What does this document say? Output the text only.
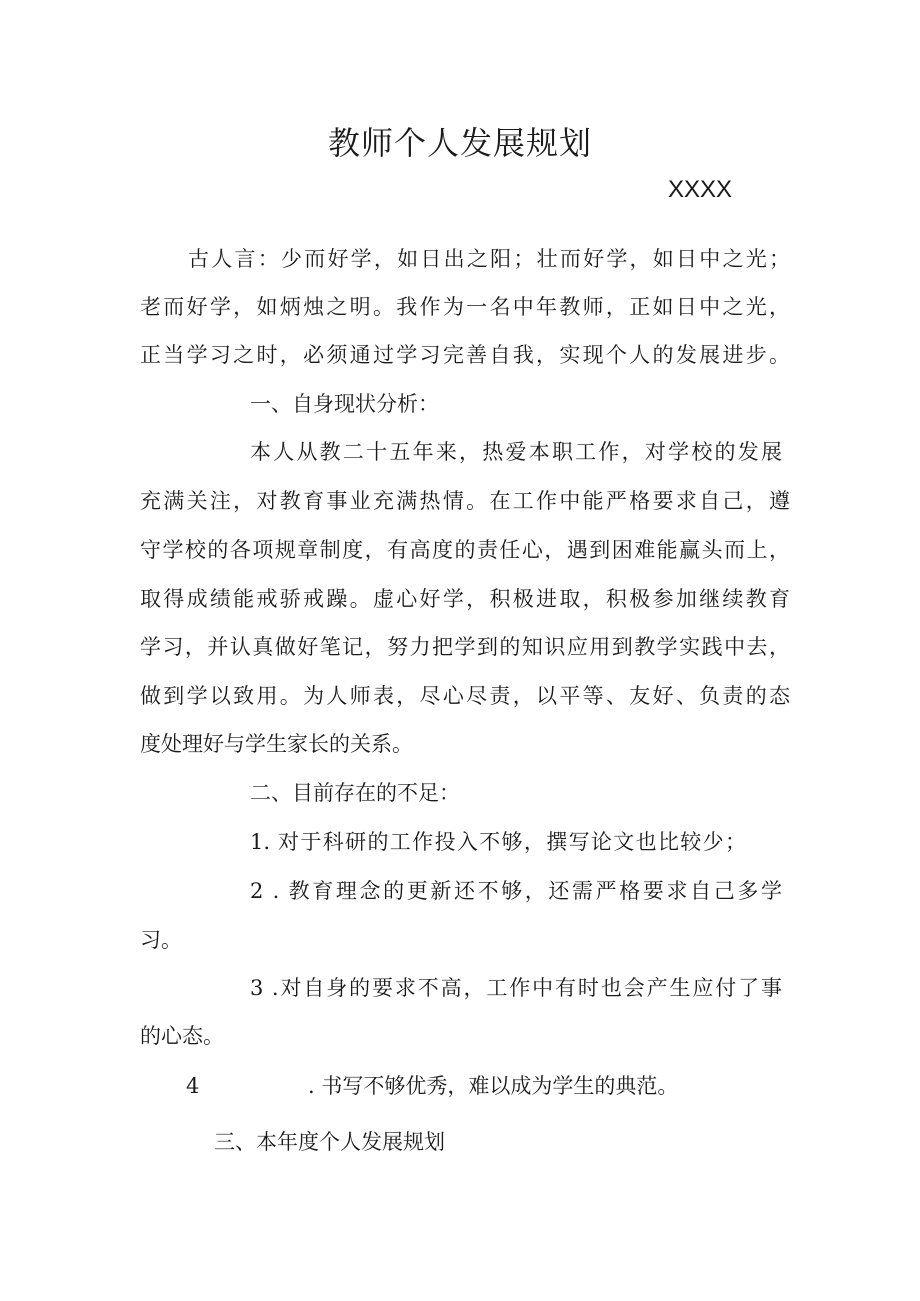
教师个人发展规划
XXXX
古人言：少而好学，如日出之阳；壮而好学，如日中之光；
老而好学，如炳烛之明。我作为一名中年教师，正如日中之光，
正当学习之时，必须通过学习完善自我，实现个人的发展进步。
一、自身现状分析：
本人从教二十五年来，热爱本职工作，对学校的发展
充满关注，对教育事业充满热情。在工作中能严格要求自己，遵
守学校的各项规章制度，有高度的责任心，遇到困难能赢头而上，
取得成绩能戒骄戒躁。虚心好学，积极进取，积极参加继续教育
学习，并认真做好笔记，努力把学到的知识应用到教学实践中去，
做到学以致用。为人师表，尽心尽责，以平等、友好、负责的态
度处理好与学生家长的关系。
二、目前存在的不足：
1. 对于科研的工作投入不够，撰写论文也比较少；
2 . 教育理念的更新还不够，还需严格要求自己多学
习。
3 .对自身的要求不高，工作中有时也会产生应付了事
的心态。
4	. 书写不够优秀，难以成为学生的典范。
三、本年度个人发展规划
